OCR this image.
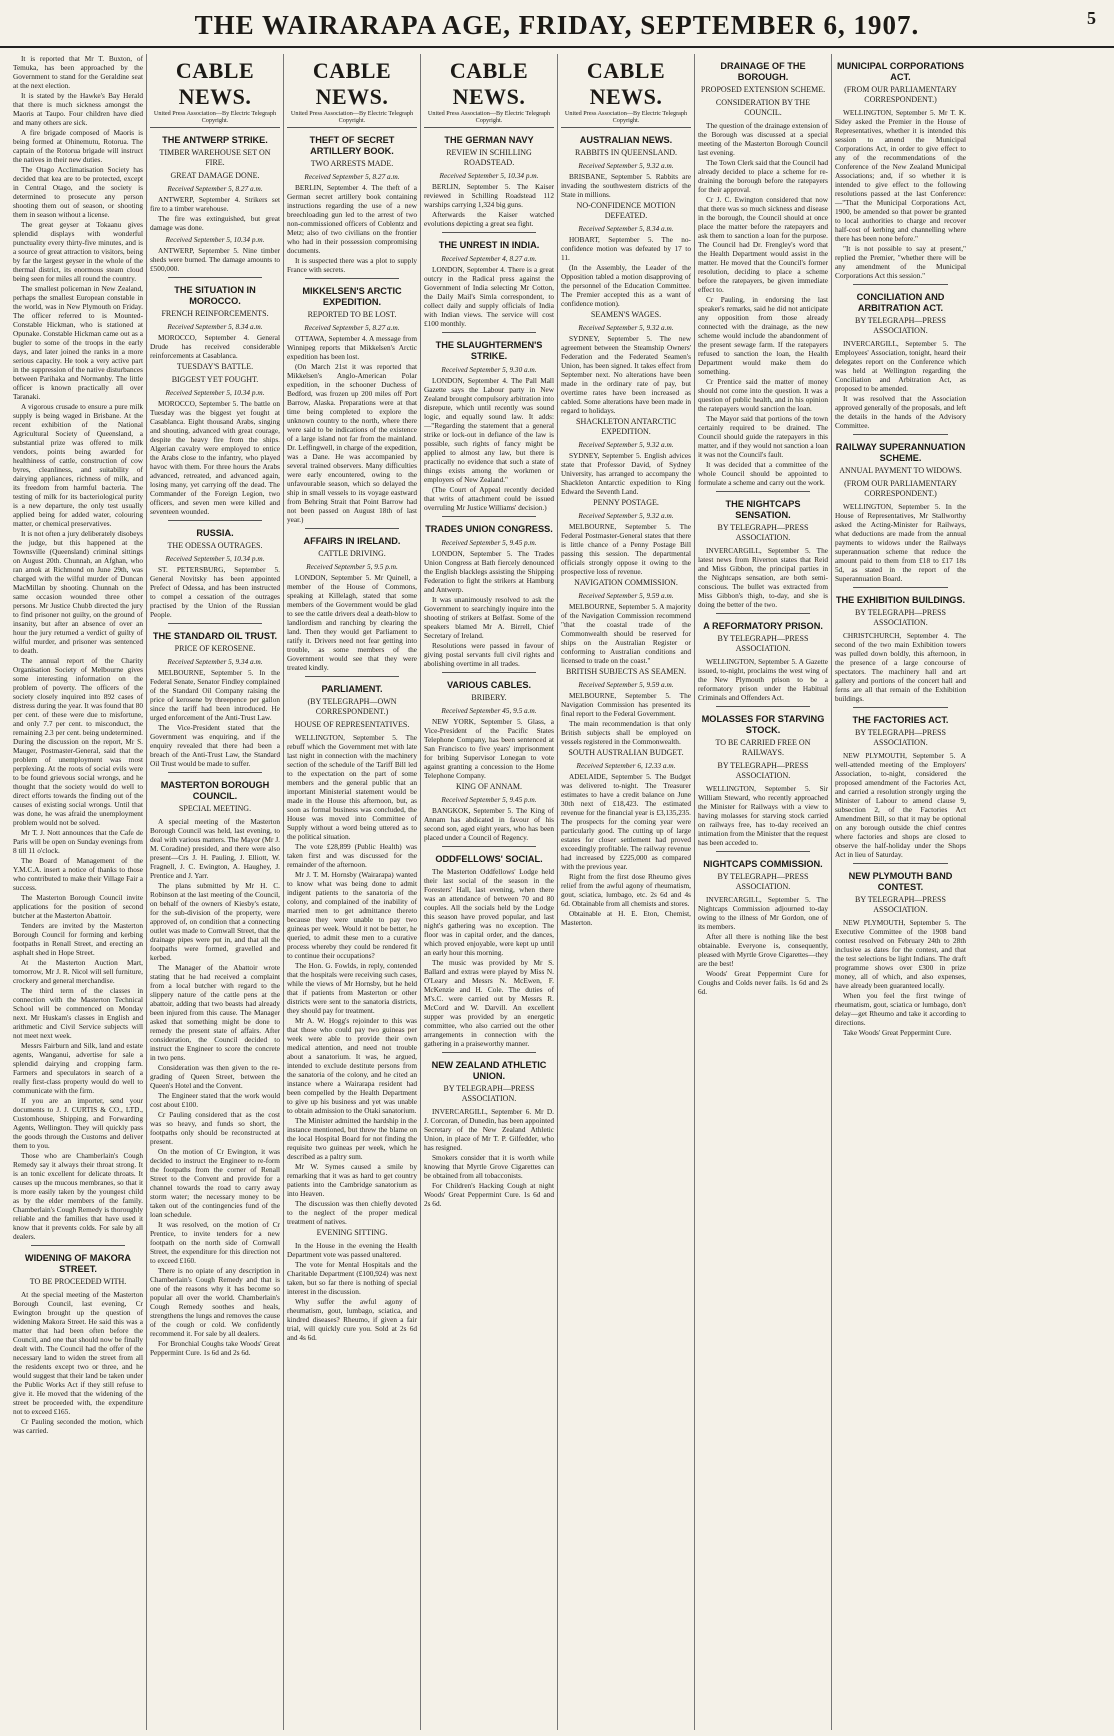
THE WAIRARAPA AGE, FRIDAY, SEPTEMBER 6, 1907.	5

It is reported that Mr T. Buxton, of Temuka, has been approached by the Government to stand for the Geraldine seat at the next election.

It is stated by the Hawke's Bay Herald that there is much sickness amongst the Maoris at Taupo. Four children have died and many others are sick.

A fire brigade composed of Maoris is being formed at Ohinemutu, Rotorua. The captain of the Rotorua brigade will instruct the natives in their new duties.

The Otago Acclimatisation Society has decided that kea are to be protected, except in Central Otago, and the society is determined to prosecute any person shooting them out of season, or shooting them in season without a license.

The great geyser at Tokaanu gives splendid displays with wonderful punctuality every thirty-five minutes, and is a source of great attraction to visitors, being by far the largest geyser in the whole of the thermal district, its enormous steam cloud being seen for miles all round the country.

The smallest policeman in New Zealand, perhaps the smallest European constable in the world, was in New Plymouth on Friday. The officer referred to is Mounted-Constable Hickman, who is stationed at Opunake. Constable Hickman came out as a bugler to some of the troops in the early days, and later joined the ranks in a more serious capacity. He took a very active part in the suppression of the native disturbances between Parihaka and Normanby. The little officer is known practically all over Taranaki.

A vigorous crusade to ensure a pure milk supply is being waged in Brisbane. At the recent exhibition of the National Agricultural Society of Queensland, a substantial prize was offered to milk vendors, points being awarded for healthiness of cattle, construction of cow byres, cleanliness, and suitability of dairying appliances, richness of milk, and its freedom from harmful bacteria. The testing of milk for its bacteriological purity is a new departure, the only test usually applied being for added water, colouring matter, or chemical preservatives.

It is not often a jury deliberately disobeys the judge, but this happened at the Townsville (Queensland) criminal sittings on August 20th. Chunnah, an Afghan, who ran amok at Richmond on June 29th, was charged with the wilful murder of Duncan MacMillan by shooting. Chunnah on the same occasion wounded three other persons. Mr Justice Chubb directed the jury to find prisoner not guilty, on the ground of insanity, but after an absence of over an hour the jury returned a verdict of guilty of wilful murder, and prisoner was sentenced to death.

The annual report of the Charity Organisation Society of Melbourne gives some interesting information on the problem of poverty. The officers of the society closely inquired into 892 cases of distress during the year. It was found that 80 per cent. of these were due to misfortune, and only 7.7 per cent. to misconduct, the remaining 2.3 per cent. being undetermined. During the discussion on the report, Mr S. Mauger, Postmaster-General, said that the problem of unemployment was most perplexing. At the roots of social evils were to be found grievous social wrongs, and he thought that the society would do well to direct efforts towards the finding out of the causes of existing social wrongs. Until that was done, he was afraid the unemployment problem would not be solved.

Mr T. J. Nott announces that the Cafe de Paris will be open on Sunday evenings from 8 till 11 o'clock.

The Board of Management of the Y.M.C.A. insert a notice of thanks to those who contributed to make their Village Fair a success.

The Masterton Borough Council invite applications for the position of second butcher at the Masterton Abattoir.

Tenders are invited by the Masterton Borough Council for forming and kerbing footpaths in Renall Street, and erecting an asphalt shed in Hope Street.

At the Masterton Auction Mart, tomorrow, Mr J. R. Nicol will sell furniture, crockery and general merchandise.

The third term of the classes in connection with the Masterton Technical School will be commenced on Monday next. Mr Huskam's classes in English and arithmetic and Civil Service subjects will not meet next week.

Messrs Fairburn and Silk, land and estate agents, Wanganui, advertise for sale a splendid dairying and cropping farm. Farmers and speculators in search of a really first-class property would do well to communicate with the firm.

If you are an importer, send your documents to J. J. CURTIS & CO., LTD., Customhouse, Shipping, and Forwarding Agents, Wellington. They will quickly pass the goods through the Customs and deliver them to you.

Those who are Chamberlain's Cough Remedy say it always their throat strong. It is an tonic excellent for delicate throats. It causes up the mucous membranes, so that it is more easily taken by the youngest child as by the elder members of the family. Chamberlain's Cough Remedy is thoroughly reliable and the families that have used it know that it prevents colds. For sale by all dealers.

WIDENING OF MAKORA STREET.
TO BE PROCEEDED WITH.

At the special meeting of the Masterton Borough Council, last evening, Cr Ewington brought up the question of widening Makora Street. He said this was a matter that had been often before the Council, and one that should now be finally dealt with. The Council had the offer of the necessary land to widen the street from all the residents except two or three, and he would suggest that their land be taken under the Public Works Act if they still refuse to give it. He moved that the widening of the street be proceeded with, the expenditure not to exceed £165.

Cr Pauling seconded the motion, which was carried.

CABLE NEWS.
United Press Association—By Electric Telegraph Copyright.
THE ANTWERP STRIKE.
TIMBER WAREHOUSE SET ON FIRE.
GREAT DAMAGE DONE.

Received September 5, 8.27 a.m.

ANTWERP, September 4. Strikers set fire to a timber warehouse.

The fire was extinguished, but great damage was done.

Received September 5, 10.34 p.m.

ANTWERP, September 5. Nine timber sheds were burned. The damage amounts to £500,000.

THE SITUATION IN MOROCCO.
FRENCH REINFORCEMENTS.

Received September 5, 8.34 a.m.

MOROCCO, September 4. General Drude has received considerable reinforcements at Casablanca.

TUESDAY'S BATTLE.
BIGGEST YET FOUGHT.

Received September 5, 10.34 p.m.

MOROCCO, September 5. The battle on Tuesday was the biggest yet fought at Casablanca. Eight thousand Arabs, singing and shouting, advanced with great courage, despite the heavy fire from the ships. Algerian cavalry were employed to entice the Arabs close to the infantry, who played havoc with them. For three hours the Arabs advanced, retreated, and advanced again, losing many, yet carrying off the dead. The Commander of the Foreign Legion, two officers, and seven men were killed and seventeen wounded.

RUSSIA.
THE ODESSA OUTRAGES.

Received September 5, 10.34 p.m.

ST. PETERSBURG, September 5. General Novitsky has been appointed Prefect of Odessa, and has been instructed to compel a cessation of the outrages practised by the Union of the Russian People.

THE STANDARD OIL TRUST.
PRICE OF KEROSENE.

Received September 5, 9.34 a.m.

MELBOURNE, September 5. In the Federal Senate, Senator Findley complained of the Standard Oil Company raising the price of kerosene by threepence per gallon since the tariff had been introduced. He urged enforcement of the Anti-Trust Law.

The Vice-President stated that the Government was enquiring, and if the enquiry revealed that there had been a breach of the Anti-Trust Law, the Standard Oil Trust would be made to suffer.

MASTERTON BOROUGH COUNCIL.
SPECIAL MEETING.

A special meeting of the Masterton Borough Council was held, last evening, to deal with various matters. The Mayor (Mr J. M. Coradine) presided, and there were also present—Crs J. H. Pauling, J. Elliott, W. Fragnell, J. C. Ewington, A. Haughey, J. Prentice and J. Yarr.

The plans submitted by Mr H. C. Robinson at the last meeting of the Council, on behalf of the owners of Kiesby's estate, for the sub-division of the property, were approved of, on condition that a connecting outlet was made to Cornwall Street, that the drainage pipes were put in, and that all the footpaths were formed, gravelled and kerbed.

The Manager of the Abattoir wrote stating that he had received a complaint from a local butcher with regard to the slippery nature of the cattle pens at the abattoir, adding that two beasts had already been injured from this cause. The Manager asked that something might be done to remedy the present state of affairs. After consideration, the Council decided to instruct the Engineer to score the concrete in two pens.

Consideration was then given to the re-grading of Queen Street, between the Queen's Hotel and the Convent.

The Engineer stated that the work would cost about £100.

Cr Pauling considered that as the cost was so heavy, and funds so short, the footpaths only should be reconstructed at present.

On the motion of Cr Ewington, it was decided to instruct the Engineer to re-form the footpaths from the corner of Renall Street to the Convent and provide for a channel towards the road to carry away storm water; the necessary money to be taken out of the contingencies fund of the loan schedule.

It was resolved, on the motion of Cr Prentice, to invite tenders for a new footpath on the north side of Cornwall Street, the expenditure for this direction not to exceed £160.

There is no opiate of any description in Chamberlain's Cough Remedy and that is one of the reasons why it has become so popular all over the world. Chamberlain's Cough Remedy soothes and heals, strengthens the lungs and removes the cause of the cough or cold. We confidently recommend it. For sale by all dealers.

For Bronchial Coughs take Woods' Great Peppermint Cure. 1s 6d and 2s 6d.

CABLE NEWS.
United Press Association—By Electric Telegraph Copyright.
THEFT OF SECRET ARTILLERY BOOK.
TWO ARRESTS MADE.

Received September 5, 8.27 a.m.

BERLIN, September 4. The theft of a German secret artillery book containing instructions regarding the use of a new breechloading gun led to the arrest of two non-commissioned officers of Coblentz and Metz; also of two civilians on the frontier who had in their possession compromising documents.

It is suspected there was a plot to supply France with secrets.

MIKKELSEN'S ARCTIC EXPEDITION.
REPORTED TO BE LOST.

Received September 5, 8.27 a.m.

OTTAWA, September 4. A message from Winnipeg reports that Mikkelsen's Arctic expedition has been lost.

(On March 21st it was reported that Mikkelsen's Anglo-American Polar expedition, in the schooner Duchess of Bedford, was frozen up 200 miles off Port Barrow, Alaska. Preparations were at that time being completed to explore the unknown country to the north, where there were said to be indications of the existence of a large island not far from the mainland. Dr. Leffingwell, in charge of the expedition, was a Dane. He was accompanied by several trained observers. Many difficulties were early encountered, owing to the unfavourable season, which so delayed the ship in small vessels to its voyage eastward from Behring Strait that Point Barrow had not been passed on August 18th of last year.)

AFFAIRS IN IRELAND.
CATTLE DRIVING.

Received September 5, 9.5 p.m.

LONDON, September 5. Mr Quinell, a member of the House of Commons, speaking at Killelagh, stated that some members of the Government would be glad to see the cattle drivers deal a death-blow to landlordism and ranching by clearing the land. Then they would get Parliament to ratify it. Drivers need not fear getting into trouble, as some members of the Government would see that they were treated kindly.

PARLIAMENT.
(BY TELEGRAPH—OWN CORRESPONDENT.)
HOUSE OF REPRESENTATIVES.

WELLINGTON, September 5. The rebuff which the Government met with late last night in connection with the machinery section of the schedule of the Tariff Bill led to the expectation on the part of some members and the general public that an important Ministerial statement would be made in the House this afternoon, but, as soon as formal business was concluded, the House was moved into Committee of Supply without a word being uttered as to the political situation.

The vote £28,899 (Public Health) was taken first and was discussed for the remainder of the afternoon.

Mr J. T. M. Hornsby (Wairarapa) wanted to know what was being done to admit indigent patients to the sanatoria of the colony, and complained of the inability of married men to get admittance thereto because they were unable to pay two guineas per week. Would it not be better, he queried, to admit these men to a curative process whereby they could be rendered fit to continue their occupations?

The Hon. G. Fowlds, in reply, contended that the hospitals were receiving such cases, while the views of Mr Hornsby, but he held that if patients from Masterton or other districts were sent to the sanatoria districts, they should pay for treatment.

Mr A. W. Hogg's rejoinder to this was that those who could pay two guineas per week were able to provide their own medical attention, and need not trouble about a sanatorium. It was, he argued, intended to exclude destitute persons from the sanatoria of the colony, and he cited an instance where a Wairarapa resident had been compelled by the Health Department to give up his business and yet was unable to obtain admission to the Otaki sanatorium.

The Minister admitted the hardship in the instance mentioned, but threw the blame on the local Hospital Board for not finding the requisite two guineas per week, which he described as a paltry sum.

Mr W. Symes caused a smile by remarking that it was as hard to get country patients into the Cambridge sanatorium as into Heaven.

The discussion was then chiefly devoted to the neglect of the proper medical treatment of natives.

EVENING SITTING.

In the House in the evening the Health Department vote was passed unaltered.

The vote for Mental Hospitals and the Charitable Department (£100,924) was next taken, but so far there is nothing of special interest in the discussion.

Why suffer the awful agony of rheumatism, gout, lumbago, sciatica, and kindred diseases? Rheumo, if given a fair trial, will quickly cure you. Sold at 2s 6d and 4s 6d.

CABLE NEWS.
United Press Association—By Electric Telegraph Copyright.
THE GERMAN NAVY
REVIEW IN SCHILLING ROADSTEAD.

Received September 5, 10.34 p.m.

BERLIN, September 5. The Kaiser reviewed in Schilling Roadstead 112 warships carrying 1,324 big guns.

Afterwards the Kaiser watched evolutions depicting a great sea fight.

THE UNREST IN INDIA.

Received September 4, 8.27 a.m.

LONDON, September 4. There is a great outcry in the Radical press against the Government of India selecting Mr Cotton, the Daily Mail's Simla correspondent, to collect daily and supply officials of India with Indian views. The service will cost £100 monthly.

THE SLAUGHTERMEN'S STRIKE.

Received September 5, 9.30 a.m.

LONDON, September 4. The Pall Mall Gazette says the Labour party in New Zealand brought compulsory arbitration into disrepute, which until recently was sound logic, and equally sound law. It adds:—"Regarding the statement that a general strike or lock-out in defiance of the law is possible, such rights of fancy might be applied to almost any law, but there is practically no evidence that such a state of things exists among the workmen or employers of New Zealand."

(The Court of Appeal recently decided that writs of attachment could be issued overruling Mr Justice Williams' decision.)

TRADES UNION CONGRESS.

Received September 5, 9.45 p.m.

LONDON, September 5. The Trades Union Congress at Bath fiercely denounced the English blacklegs assisting the Shipping Federation to fight the strikers at Hamburg and Antwerp.

It was unanimously resolved to ask the Government to searchingly inquire into the shooting of strikers at Belfast. Some of the speakers blamed Mr A. Birrell, Chief Secretary of Ireland.

Resolutions were passed in favour of giving postal servants full civil rights and abolishing overtime in all trades.

VARIOUS CABLES.
BRIBERY.

Received September 45, 9.5 a.m.

NEW YORK, September 5. Glass, a Vice-President of the Pacific States Telephone Company, has been sentenced at San Francisco to five years' imprisonment for bribing Supervisor Lonegan to vote against granting a concession to the Home Telephone Company.

KING OF ANNAM.

Received September 5, 9.45 p.m.

BANGKOK, September 5. The King of Annam has abdicated in favour of his second son, aged eight years, who has been placed under a Council of Regency.

ODDFELLOWS' SOCIAL.

The Masterton Oddfellows' Lodge held their last social of the season in the Foresters' Hall, last evening, when there was an attendance of between 70 and 80 couples. All the socials held by the Lodge this season have proved popular, and last night's gathering was no exception. The floor was in capital order, and the dances, which proved enjoyable, were kept up until an early hour this morning.

The music was provided by Mr S. Ballard and extras were played by Miss N. O'Leary and Messrs N. McEwen, F. McKenzie and H. Cole. The duties of M's.C. were carried out by Messrs R. McCord and W. Darvill. An excellent supper was provided by an energetic committee, who also carried out the other arrangements in connection with the gathering in a praiseworthy manner.

NEW ZEALAND ATHLETIC UNION.
BY TELEGRAPH—PRESS ASSOCIATION.

INVERCARGILL, September 6. Mr D. J. Corcoran, of Dunedin, has been appointed Secretary of the New Zealand Athletic Union, in place of Mr T. P. Gilfedder, who has resigned.

Smokers consider that it is worth while knowing that Myrtle Grove Cigarettes can be obtained from all tobacconists.

For Children's Hacking Cough at night Woods' Great Peppermint Cure. 1s 6d and 2s 6d.

CABLE NEWS.
United Press Association—By Electric Telegraph Copyright.
AUSTRALIAN NEWS.
RABBITS IN QUEENSLAND.

Received September 5, 9.32 a.m.

BRISBANE, September 5. Rabbits are invading the southwestern districts of the State in millions.

NO-CONFIDENCE MOTION DEFEATED.

Received September 5, 8.34 a.m.

HOBART, September 5. The no-confidence motion was defeated by 17 to 11.

(In the Assembly, the Leader of the Opposition tabled a motion disapproving of the personnel of the Education Committee. The Premier accepted this as a want of confidence motion).

SEAMEN'S WAGES.

Received September 5, 9.32 a.m.

SYDNEY, September 5. The new agreement between the Steamship Owners' Federation and the Federated Seamen's Union, has been signed. It takes effect from September next. No alterations have been made in the ordinary rate of pay, but overtime rates have been increased as cabled. Some alterations have been made in regard to holidays.

SHACKLETON ANTARCTIC EXPEDITION.

Received September 5, 9.32 a.m.

SYDNEY, September 5. English advices state that Professor David, of Sydney University, has arranged to accompany the Shackleton Antarctic expedition to King Edward the Seventh Land.

PENNY POSTAGE.

Received September 5, 9.32 a.m.

MELBOURNE, September 5. The Federal Postmaster-General states that there is little chance of a Penny Postage Bill passing this session. The departmental officials strongly oppose it owing to the prospective loss of revenue.

NAVIGATION COMMISSION.

Received September 5, 9.59 a.m.

MELBOURNE, September 5. A majority of the Navigation Commission recommend "that the coastal trade of the Commonwealth should be reserved for ships on the Australian Register or conforming to Australian conditions and licensed to trade on the coast."

BRITISH SUBJECTS AS SEAMEN.

Received September 5, 9.59 a.m.

MELBOURNE, September 5. The Navigation Commission has presented its final report to the Federal Government.

The main recommendation is that only British subjects shall be employed on vessels registered in the Commonwealth.

SOUTH AUSTRALIAN BUDGET.

Received September 6, 12.33 a.m.

ADELAIDE, September 5. The Budget was delivered to-night. The Treasurer estimates to have a credit balance on June 30th next of £18,423. The estimated revenue for the financial year is £3,135,235. The prospects for the coming year were particularly good. The cutting up of large estates for closer settlement had proved exceedingly profitable. The railway revenue had increased by £225,000 as compared with the previous year.

Right from the first dose Rheumo gives relief from the awful agony of rheumatism, gout, sciatica, lumbago, etc. 2s 6d and 4s 6d. Obtainable from all chemists and stores.

Obtainable at H. E. Eton, Chemist, Masterton.

DRAINAGE OF THE BOROUGH.
PROPOSED EXTENSION SCHEME.
CONSIDERATION BY THE COUNCIL.

The question of the drainage extension of the Borough was discussed at a special meeting of the Masterton Borough Council last evening.

The Town Clerk said that the Council had already decided to place a scheme for re-draining the borough before the ratepayers for their approval.

Cr J. C. Ewington considered that now that there was so much sickness and disease in the borough, the Council should at once place the matter before the ratepayers and ask them to sanction a loan for the purpose. The Council had Dr. Frengley's word that the Health Department would assist in the matter. He moved that the Council's former resolution, deciding to place a scheme before the ratepayers, be given immediate effect to.

Cr Pauling, in endorsing the last speaker's remarks, said he did not anticipate any opposition from those already connected with the drainage, as the new scheme would include the abandonment of the present sewage farm. If the ratepayers refused to sanction the loan, the Health Department would make them do something.

Cr Prentice said the matter of money should not come into the question. It was a question of public health, and in his opinion the ratepayers would sanction the loan.

The Mayor said that portions of the town certainly required to be drained. The Council should guide the ratepayers in this matter, and if they would not sanction a loan it was not the Council's fault.

It was decided that a committee of the whole Council should be appointed to formulate a scheme and carry out the work.

THE NIGHTCAPS SENSATION.
BY TELEGRAPH—PRESS ASSOCIATION.

INVERCARGILL, September 5. The latest news from Riverton states that Reid and Miss Gibbon, the principal parties in the Nightcaps sensation, are both semi-conscious. The bullet was extracted from Miss Gibbon's thigh, to-day, and she is doing the better of the two.

A REFORMATORY PRISON.
BY TELEGRAPH—PRESS ASSOCIATION.

WELLINGTON, September 5. A Gazette issued, to-night, proclaims the west wing of the New Plymouth prison to be a reformatory prison under the Habitual Criminals and Offenders Act.

MOLASSES FOR STARVING STOCK.
TO BE CARRIED FREE ON RAILWAYS.
BY TELEGRAPH—PRESS ASSOCIATION.

WELLINGTON, September 5. Sir William Steward, who recently approached the Minister for Railways with a view to having molasses for starving stock carried on railways free, has to-day received an intimation from the Minister that the request has been acceded to.

NIGHTCAPS COMMISSION.
BY TELEGRAPH—PRESS ASSOCIATION.

INVERCARGILL, September 5. The Nightcaps Commission adjourned to-day owing to the illness of Mr Gordon, one of its members.

After all there is nothing like the best obtainable. Everyone is, consequently, pleased with Myrtle Grove Cigarettes—they are the best!

Woods' Great Peppermint Cure for Coughs and Colds never fails. 1s 6d and 2s 6d.

MUNICIPAL CORPORATIONS ACT.
(FROM OUR PARLIAMENTARY CORRESPONDENT.)

WELLINGTON, September 5. Mr T. K. Sidey asked the Premier in the House of Representatives, whether it is intended this session to amend the Municipal Corporations Act, in order to give effect to any of the recommendations of the Conference of the New Zealand Municipal Associations; and, if so whether it is intended to give effect to the following resolutions passed at the last Conference:—"That the Municipal Corporations Act, 1900, be amended so that power be granted to local authorities to charge and recover half-cost of kerbing and channelling where there has been none before."

"It is not possible to say at present," replied the Premier, "whether there will be any amendment of the Municipal Corporations Act this session."

CONCILIATION AND ARBITRATION ACT.
BY TELEGRAPH—PRESS ASSOCIATION.

INVERCARGILL, September 5. The Employees' Association, tonight, heard their delegates report on the Conference which was held at Wellington regarding the Conciliation and Arbitration Act, as proposed to be amended.

It was resolved that the Association approved generally of the proposals, and left the details in the hands of the Advisory Committee.

RAILWAY SUPERANNUATION SCHEME.
ANNUAL PAYMENT TO WIDOWS.
(FROM OUR PARLIAMENTARY CORRESPONDENT.)

WELLINGTON, September 5. In the House of Representatives, Mr Stallworthy asked the Acting-Minister for Railways, what deductions are made from the annual payments to widows under the Railways superannuation scheme that reduce the amount paid to them from £18 to £17 18s 5d, as stated in the report of the Superannuation Board.

THE EXHIBITION BUILDINGS.
BY TELEGRAPH—PRESS ASSOCIATION.

CHRISTCHURCH, September 4. The second of the two main Exhibition towers was pulled down boldly, this afternoon, in the presence of a large concourse of spectators. The machinery hall and art gallery and portions of the concert hall and ferns are all that remain of the Exhibition buildings.

THE FACTORIES ACT.
BY TELEGRAPH—PRESS ASSOCIATION.

NEW PLYMOUTH, September 5. A well-attended meeting of the Employers' Association, to-night, considered the proposed amendment of the Factories Act, and carried a resolution strongly urging the Minister of Labour to amend clause 9, subsection 2, of the Factories Act Amendment Bill, so that it may be optional on any borough outside the chief centres where factories and shops are closed to observe the half-holiday under the Shops Act in lieu of Saturday.

NEW PLYMOUTH BAND CONTEST.
BY TELEGRAPH—PRESS ASSOCIATION.

NEW PLYMOUTH, September 5. The Executive Committee of the 1908 band contest resolved on February 24th to 28th inclusive as dates for the contest, and that the test selections be light Indians. The draft programme shows over £300 in prize money, all of which, and also expenses, have already been guaranteed locally.

When you feel the first twinge of rheumatism, gout, sciatica or lumbago, don't delay—get Rheumo and take it according to directions.

Take Woods' Great Peppermint Cure.
